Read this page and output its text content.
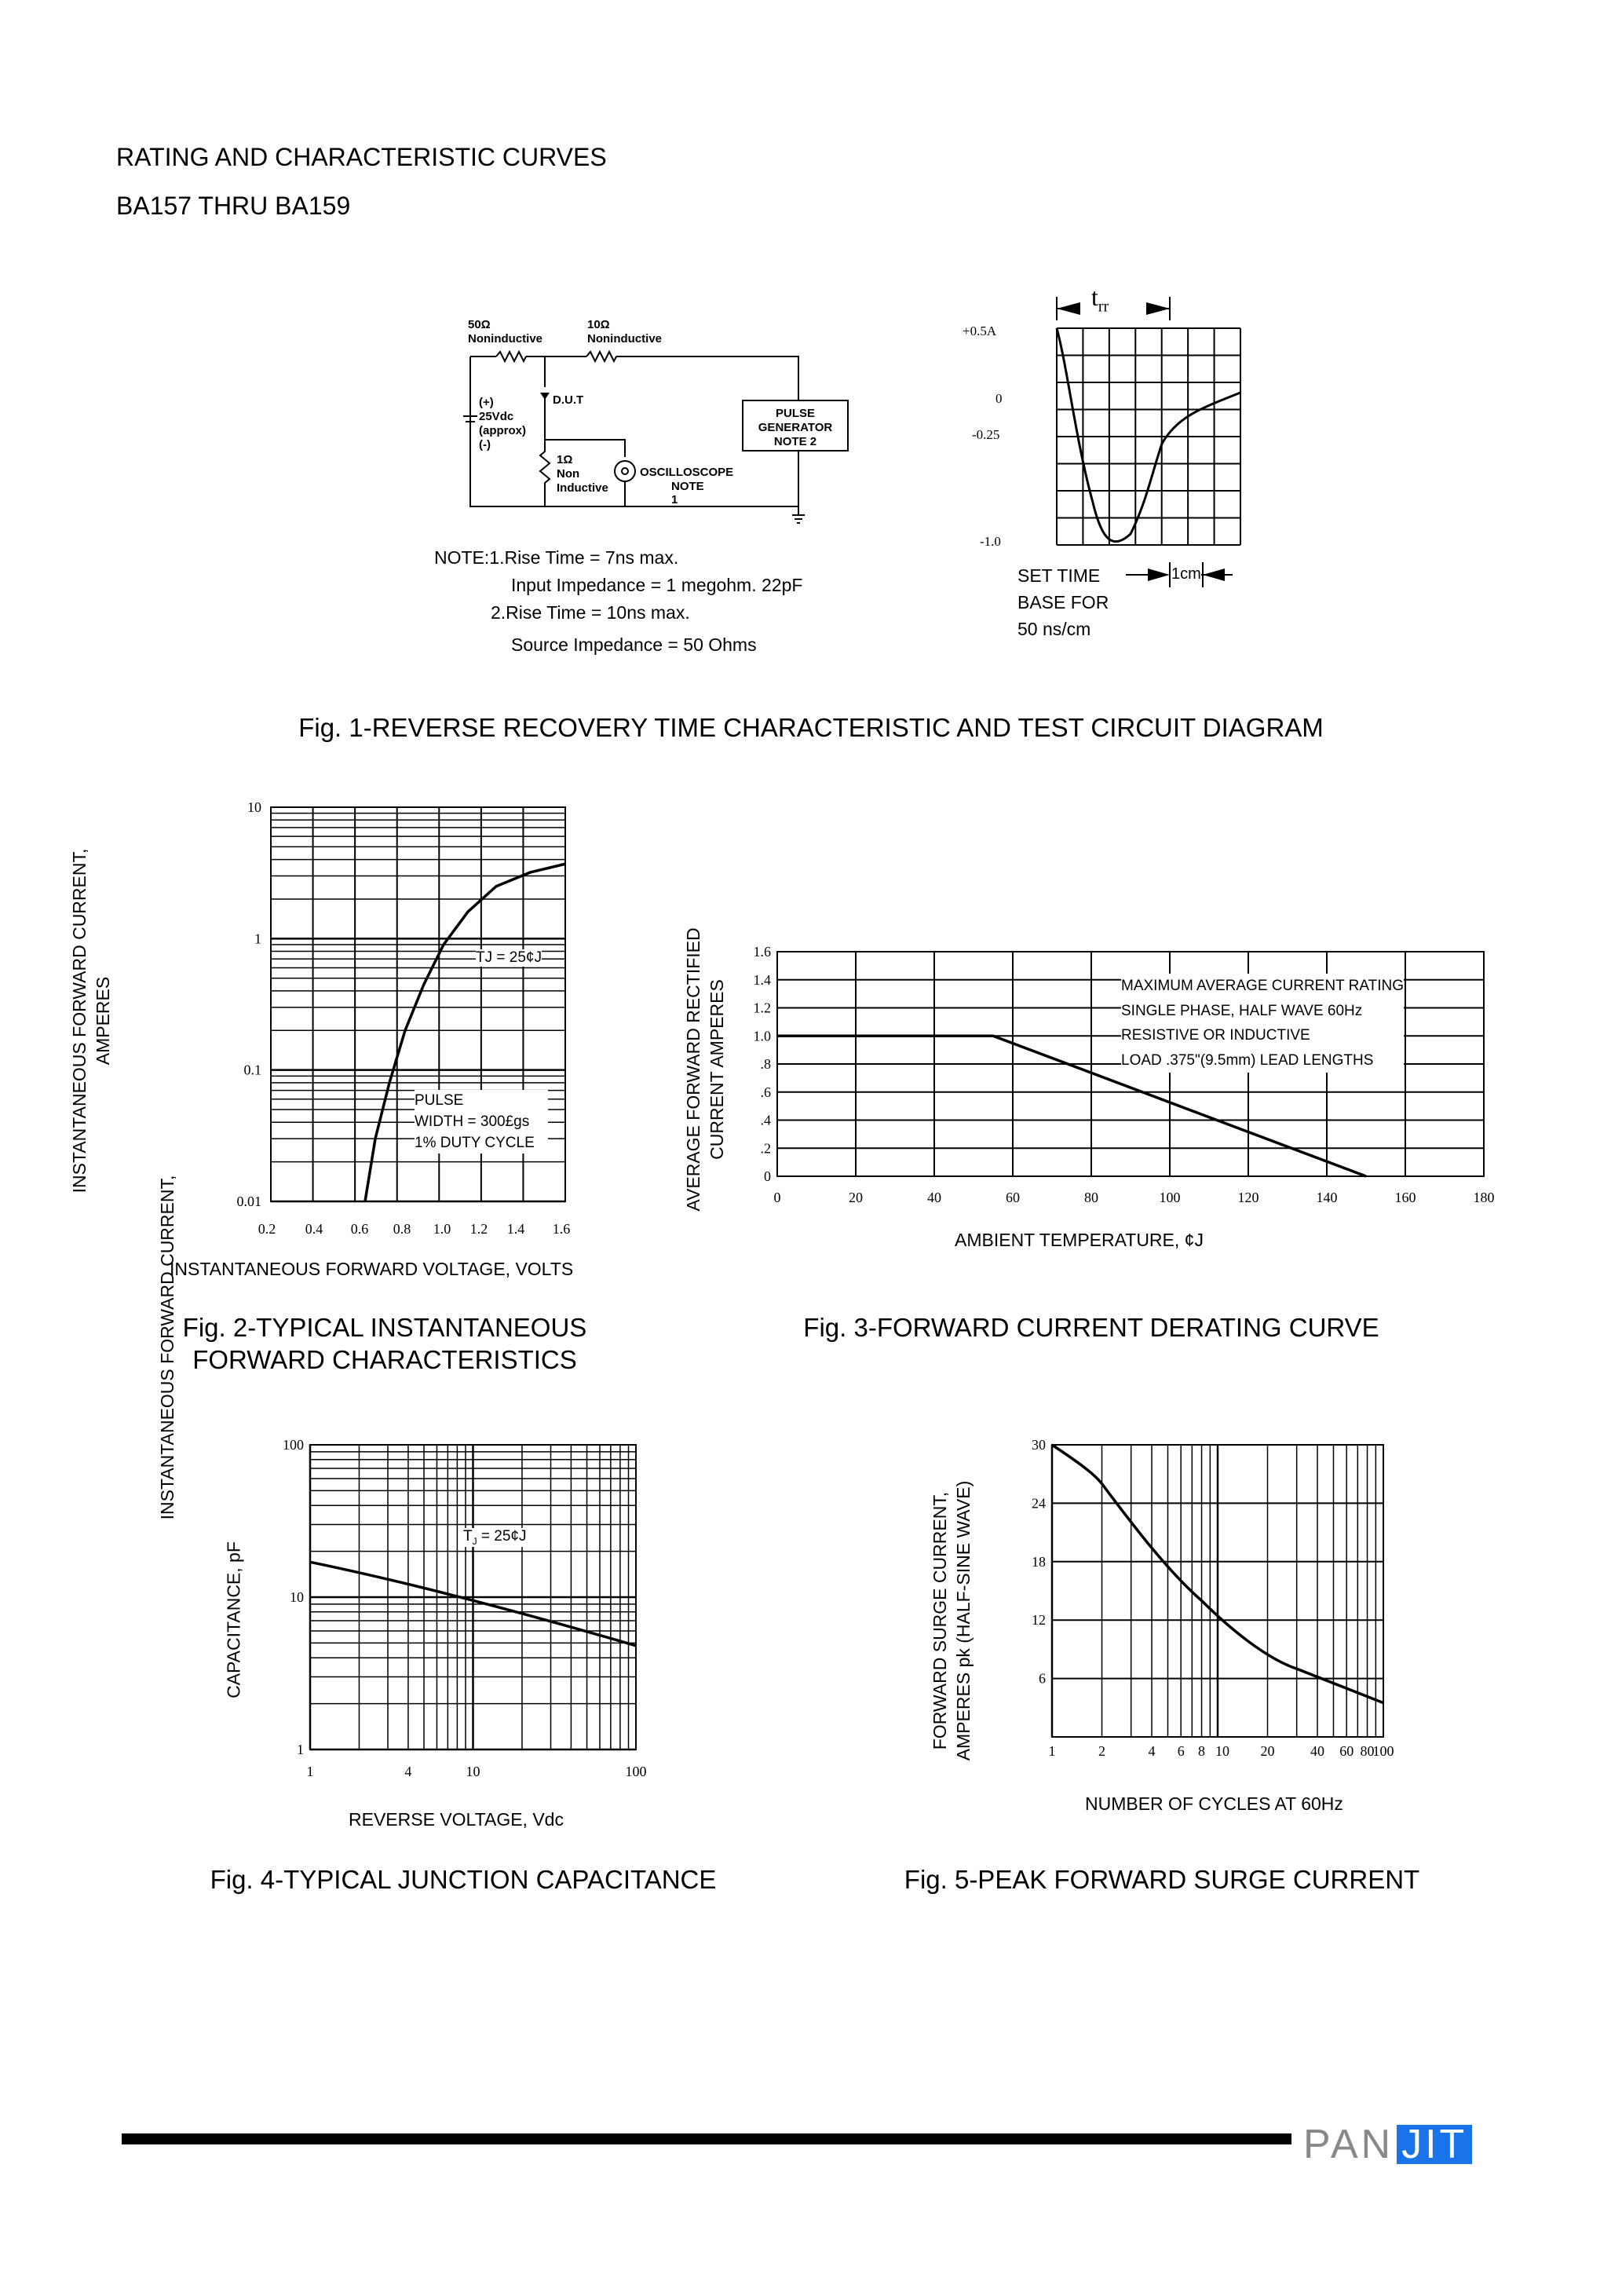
RATING AND CHARACTERISTIC CURVES
BA157 THRU BA159
50Ω
Noninductive
10Ω
Noninductive
(+)
25Vdc
(approx)
(-)
D.U.T
1Ω
Non
Inductive
OSCILLOSCOPE
NOTE 1
PULSE
GENERATOR
NOTE 2
NOTE:1.Rise Time = 7ns max.
Input Impedance = 1 megohm. 22pF
2.Rise Time = 10ns max.
Source Impedance = 50 Ohms
$t_{rr}$
+0.5A
0
-0.25
-1.0
SET TIME
BASE FOR
50 ns/cm
1cm
Fig. 1-REVERSE RECOVERY TIME CHARACTERISTIC AND TEST CIRCUIT DIAGRAM
0.2 0.4 0.6 0.8 1.0 1.2 1.4 1.6
10
1
0.1
0.01
INSTANTANEOUS FORWARD CURRENT,
INSTANTANEOUS FORWARD CURRENT, AMPERES
INSTANTANEOUS FORWARD VOLTAGE, VOLTS
Fig. 2-TYPICAL INSTANTANEOUS
FORWARD CHARACTERISTICS
TJ = 25¢J
PULSE
WIDTH = 300£gs
1% DUTY CYCLE
0	20	40	60	80	100	120	140	160	180
1.6
1.4
1.2
1.0
.8
.6
.4
.2
0
AVERAGE FORWARD RECTIFIED CURRENT AMPERES
AMBIENT TEMPERATURE, ¢J
Fig. 3-FORWARD CURRENT DERATING CURVE
MAXIMUM AVERAGE CURRENT RATING
SINGLE PHASE, HALF WAVE 60Hz
RESISTIVE OR INDUCTIVE
LOAD .375"(9.5mm) LEAD LENGTHS
1	4	10	100
100
10
1
CAPACITANCE, pF
REVERSE VOLTAGE, Vdc
Fig. 4-TYPICAL JUNCTION CAPACITANCE
$T_J$ = 25¢J
1	2	4 6 8 10 20	40 60 80
100
30
24
18
12
6
FORWARD SURGE CURRENT, AMPERES pk (HALF-SINE WAVE)
NUMBER OF CYCLES AT 60Hz
Fig. 5-PEAK FORWARD SURGE CURRENT
PAN JIT
